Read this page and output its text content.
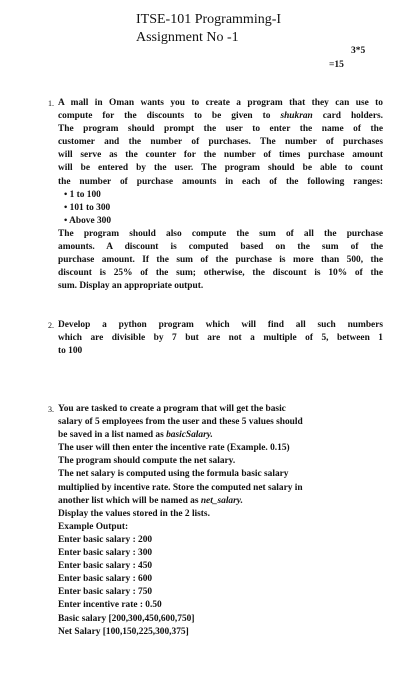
ITSE-101 Programming-I
Assignment No -1
3*5
=15
1. A mall in Oman wants you to create a program that they can use to
compute for the discounts to be given to shukran card holders.
The program should prompt the user to enter the name of the
customer and the number of purchases. The number of purchases
will serve as the counter for the number of times purchase amount
will be entered by the user. The program should be able to count
the number of purchase amounts in each of the following ranges:
• 1 to 100
• 101 to 300
• Above 300
The program should also compute the sum of all the purchase
amounts. A discount is computed based on the sum of the
purchase amount. If the sum of the purchase is more than 500, the
discount is 25% of the sum; otherwise, the discount is 10% of the
sum. Display an appropriate output.
2. Develop a python program which will find all such numbers
which are divisible by 7 but are not a multiple of 5, between 1
to 100
3. You are tasked to create a program that will get the basic
salary of 5 employees from the user and these 5 values should
be saved in a list named as basicSalary.
The user will then enter the incentive rate (Example. 0.15)
The program should compute the net salary.
The net salary is computed using the formula basic salary
multiplied by incentive rate. Store the computed net salary in
another list which will be named as net_salary.
Display the values stored in the 2 lists.
Example Output:
Enter basic salary : 200
Enter basic salary : 300
Enter basic salary : 450
Enter basic salary : 600
Enter basic salary : 750
Enter incentive rate : 0.50
Basic salary [200,300,450,600,750]
Net Salary [100,150,225,300,375]
